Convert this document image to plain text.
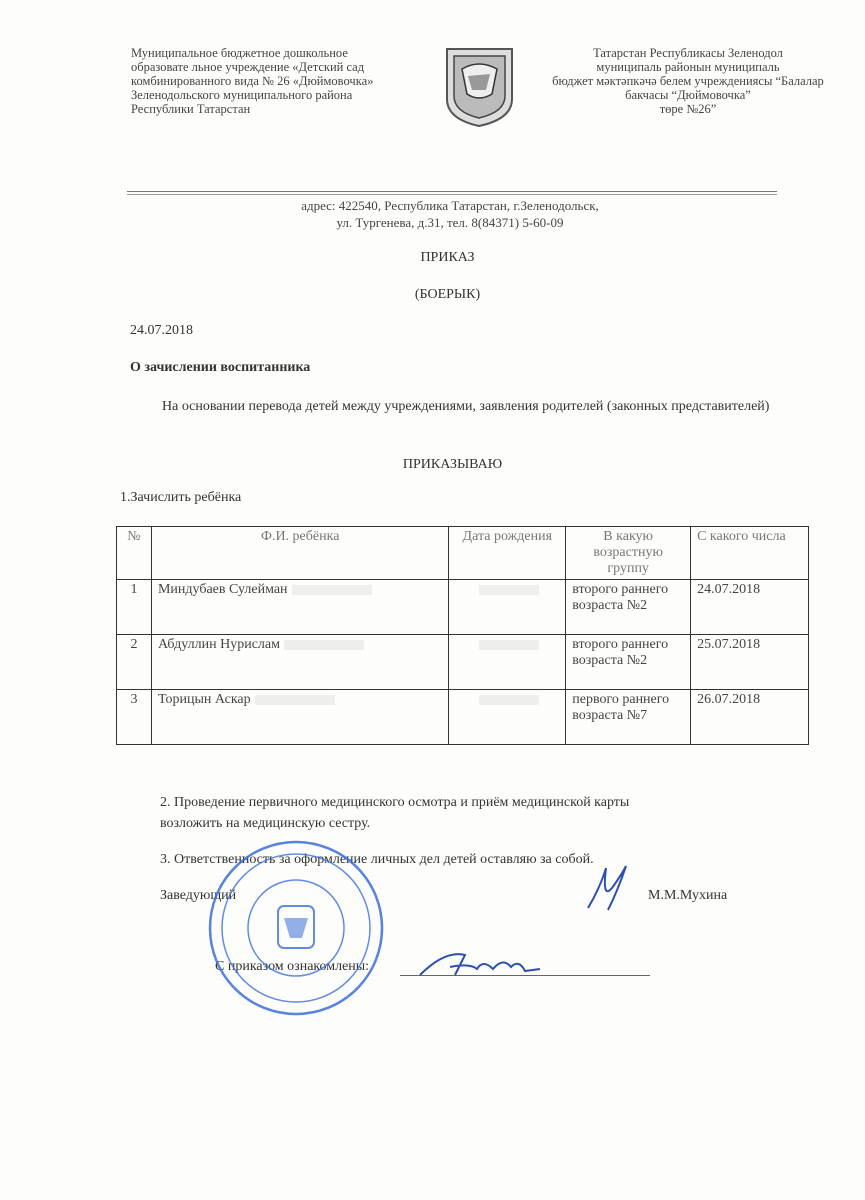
Муниципальное бюджетное дошкольное
образовате льное учреждение «Детский сад
комбинированного вида № 26 «Дюймовочка»
Зеленодольского муниципального района
Республики Татарстан
Татарстан Республикасы Зеленодол
муниципаль районын муниципаль
бюджет мәктәпкәчә белем учреждениясы “Балалар
бакчасы “Дюймовочка”
төре №26”
адрес: 422540, Республика Татарстан, г.Зеленодольск,
ул. Тургенева, д.31, тел. 8(84371) 5-60-09
ПРИКАЗ
(БОЕРЫК)
24.07.2018
О зачислении воспитанника
На основании перевода детей между учреждениями, заявления родителей (законных представителей)
ПРИКАЗЫВАЮ
1.Зачислить ребёнка
№	Ф.И. ребёнка	Дата рождения	В какую возрастную группу	С какого числа
1	Миндубаев Сулейман		второго раннего возраста №2	24.07.2018
2	Абдуллин Нурислам		второго раннего возраста №2	25.07.2018
3	Торицын Аскар		первого раннего возраста №7	26.07.2018
2. Проведение первичного медицинского осмотра и приём медицинской карты
возложить на медицинскую сестру.
3. Ответственность за оформление личных дел детей оставляю за собой.
Заведующий	М.М.Мухина
С приказом ознакомлены:
